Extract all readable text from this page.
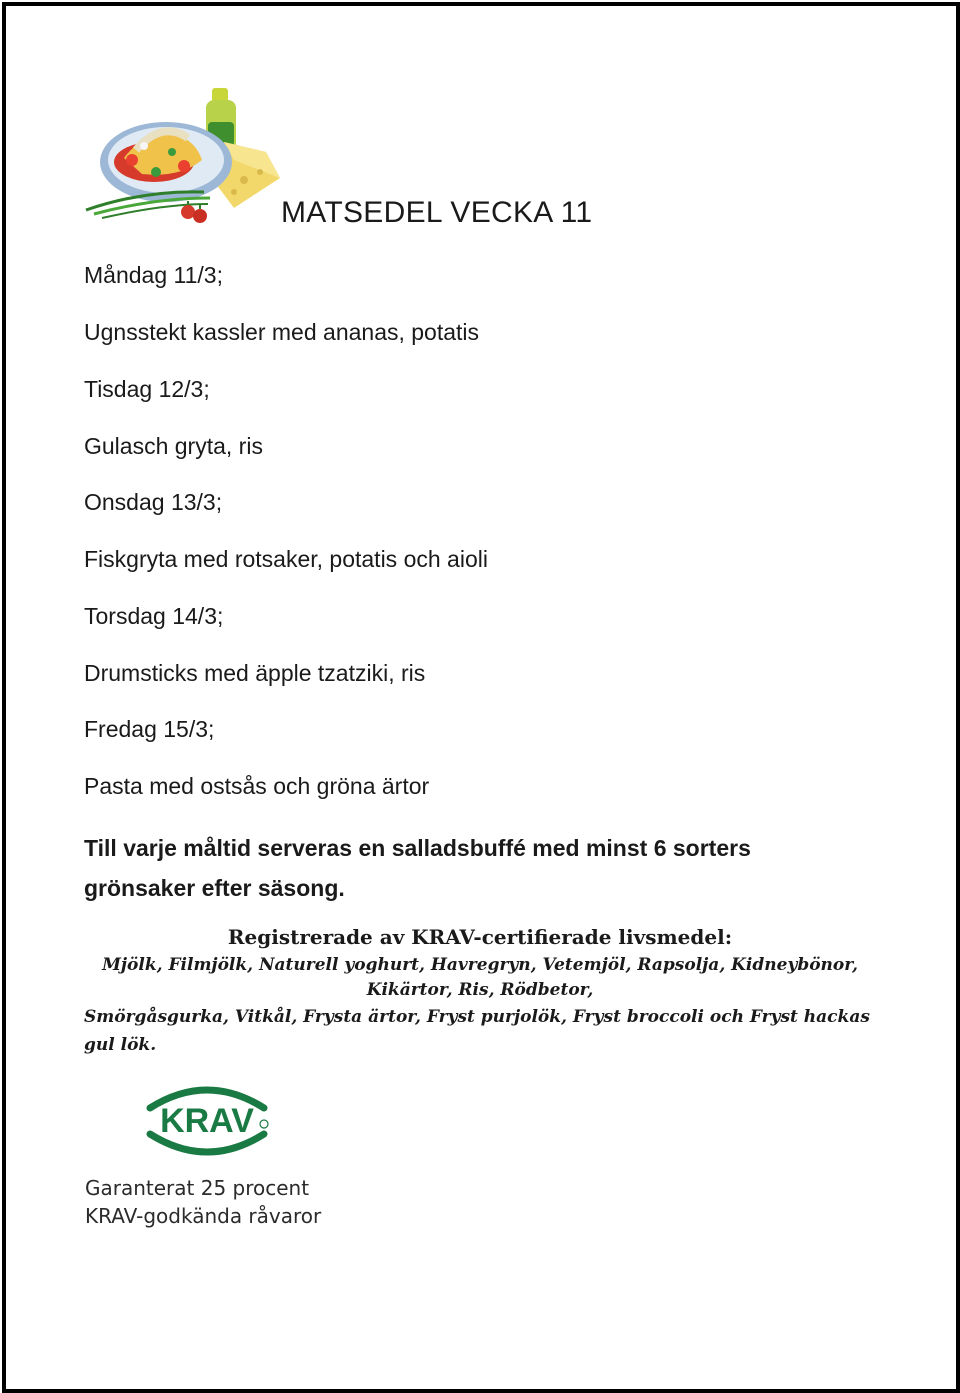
MATSEDEL VECKA 11
Måndag 11/3;
Ugnsstekt kassler med ananas, potatis
Tisdag 12/3;
Gulasch gryta, ris
Onsdag 13/3;
Fiskgryta med rotsaker, potatis och aioli
Torsdag 14/3;
Drumsticks med äpple tzatziki, ris
Fredag 15/3;
Pasta med ostsås och gröna ärtor
Till varje måltid serveras en salladsbuffé med minst 6 sorters grönsaker efter säsong.
Registrerade av KRAV-certifierade livsmedel:
Mjölk, Filmjölk, Naturell yoghurt, Havregryn, Vetemjöl, Rapsolja, Kidneybönor,
Kikärtor, Ris, Rödbetor,
Smörgåsgurka, Vitkål, Frysta ärtor, Fryst purjolök, Fryst broccoli och Fryst hackas gul lök.
KRAV
Garanterat 25 procent
KRAV-godkända råvaror
